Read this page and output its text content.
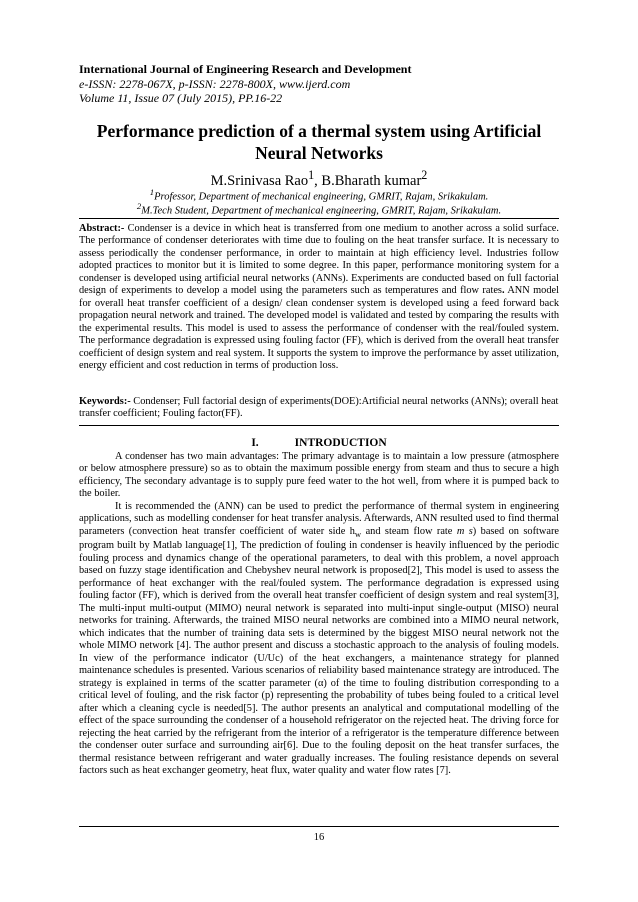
International Journal of Engineering Research and Development
e-ISSN: 2278-067X, p-ISSN: 2278-800X, www.ijerd.com
Volume 11, Issue 07 (July 2015), PP.16-22
Performance prediction of a thermal system using Artificial Neural Networks
M.Srinivasa Rao$^1$, B.Bharath kumar$^2$
$^1$Professor, Department of mechanical engineering, GMRIT, Rajam, Srikakulam.
$^2$M.Tech Student, Department of mechanical engineering, GMRIT, Rajam, Srikakulam.
Abstract:- Condenser is a device in which heat is transferred from one medium to another across a solid surface. The performance of condenser deteriorates with time due to fouling on the heat transfer surface. It is necessary to assess periodically the condenser performance, in order to maintain at high efficiency level. Industries follow adopted practices to monitor but it is limited to some degree. In this paper, performance monitoring system for a condenser is developed using artificial neural networks (ANNs). Experiments are conducted based on full factorial design of experiments to develop a model using the parameters such as temperatures and flow rates. ANN model for overall heat transfer coefficient of a design/ clean condenser system is developed using a feed forward back propagation neural network and trained. The developed model is validated and tested by comparing the results with the experimental results. This model is used to assess the performance of condenser with the real/fouled system. The performance degradation is expressed using fouling factor (FF), which is derived from the overall heat transfer coefficient of design system and real system. It supports the system to improve the performance by asset utilization, energy efficient and cost reduction in terms of production loss.
Keywords:- Condenser; Full factorial design of experiments(DOE):Artificial neural networks (ANNs); overall heat transfer coefficient; Fouling factor(FF).
I.	INTRODUCTION

A condenser has two main advantages: The primary advantage is to maintain a low pressure (atmosphere or below atmosphere pressure) so as to obtain the maximum possible energy from steam and thus to secure a high efficiency, The secondary advantage is to supply pure feed water to the hot well, from where it is pumped back to the boiler.

It is recommended the (ANN) can be used to predict the performance of thermal system in engineering applications, such as modelling condenser for heat transfer analysis. Afterwards, ANN resulted used to find thermal parameters (convection heat transfer coefficient of water side $h_w$ and steam flow rate m s) based on software program built by Matlab language[1], The prediction of fouling in condenser is heavily influenced by the periodic fouling process and dynamics change of the operational parameters, to deal with this problem, a novel approach based on fuzzy stage identification and Chebyshev neural network is proposed[2], This model is used to assess the performance of heat exchanger with the real/fouled system. The performance degradation is expressed using fouling factor (FF), which is derived from the overall heat transfer coefficient of design system and real system[3], The multi-input multi-output (MIMO) neural network is separated into multi-input single-output (MISO) neural networks for training. Afterwards, the trained MISO neural networks are combined into a MIMO neural network, which indicates that the number of training data sets is determined by the biggest MISO neural network not the whole MIMO network [4]. The author present and discuss a stochastic approach to the analysis of fouling models. In view of the performance indicator (U/Uc) of the heat exchangers, a maintenance strategy for planned maintenance schedules is presented. Various scenarios of reliability based maintenance strategy are introduced. The strategy is explained in terms of the scatter parameter (α) of the time to fouling distribution corresponding to a critical level of fouling, and the risk factor (p) representing the probability of tubes being fouled to a critical level after which a cleaning cycle is needed[5]. The author presents an analytical and computational modelling of the effect of the space surrounding the condenser of a household refrigerator on the rejected heat. The driving force for rejecting the heat carried by the refrigerant from the interior of a refrigerator is the temperature difference between the condenser outer surface and surrounding air[6]. Due to the fouling deposit on the heat transfer surfaces, the thermal resistance between refrigerant and water gradually increases. The fouling resistance depends on several factors such as heat exchanger geometry, heat flux, water quality and water flow rates [7].

16
